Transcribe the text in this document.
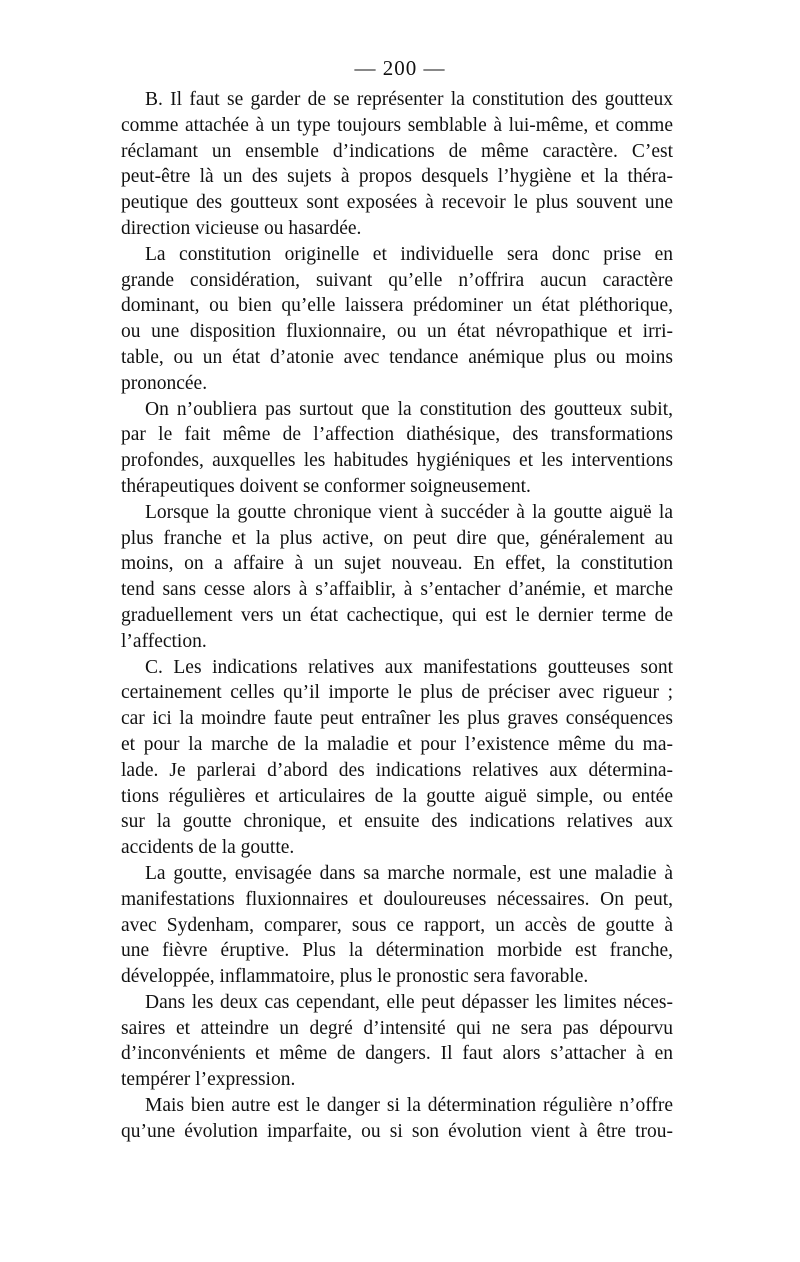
— 200 —
B. Il faut se garder de se représenter la constitution des goutteux
comme attachée à un type toujours semblable à lui-même, et comme
réclamant un ensemble d’indications de même caractère. C’est
peut-être là un des sujets à propos desquels l’hygiène et la théra-
peutique des goutteux sont exposées à recevoir le plus souvent une
direction vicieuse ou hasardée.
La constitution originelle et individuelle sera donc prise en
grande considération, suivant qu’elle n’offrira aucun caractère
dominant, ou bien qu’elle laissera prédominer un état pléthorique,
ou une disposition fluxionnaire, ou un état névropathique et irri-
table, ou un état d’atonie avec tendance anémique plus ou moins
prononcée.
On n’oubliera pas surtout que la constitution des goutteux subit,
par le fait même de l’affection diathésique, des transformations
profondes, auxquelles les habitudes hygiéniques et les interventions
thérapeutiques doivent se conformer soigneusement.
Lorsque la goutte chronique vient à succéder à la goutte aiguë la
plus franche et la plus active, on peut dire que, généralement au
moins, on a affaire à un sujet nouveau. En effet, la constitution
tend sans cesse alors à s’affaiblir, à s’entacher d’anémie, et marche
graduellement vers un état cachectique, qui est le dernier terme de
l’affection.
C. Les indications relatives aux manifestations goutteuses sont
certainement celles qu’il importe le plus de préciser avec rigueur ;
car ici la moindre faute peut entraîner les plus graves conséquences
et pour la marche de la maladie et pour l’existence même du ma-
lade. Je parlerai d’abord des indications relatives aux détermina-
tions régulières et articulaires de la goutte aiguë simple, ou entée
sur la goutte chronique, et ensuite des indications relatives aux
accidents de la goutte.
La goutte, envisagée dans sa marche normale, est une maladie à
manifestations fluxionnaires et douloureuses nécessaires. On peut,
avec Sydenham, comparer, sous ce rapport, un accès de goutte à
une fièvre éruptive. Plus la détermination morbide est franche,
développée, inflammatoire, plus le pronostic sera favorable.
Dans les deux cas cependant, elle peut dépasser les limites néces-
saires et atteindre un degré d’intensité qui ne sera pas dépourvu
d’inconvénients et même de dangers. Il faut alors s’attacher à en
tempérer l’expression.
Mais bien autre est le danger si la détermination régulière n’offre
qu’une évolution imparfaite, ou si son évolution vient à être trou-
